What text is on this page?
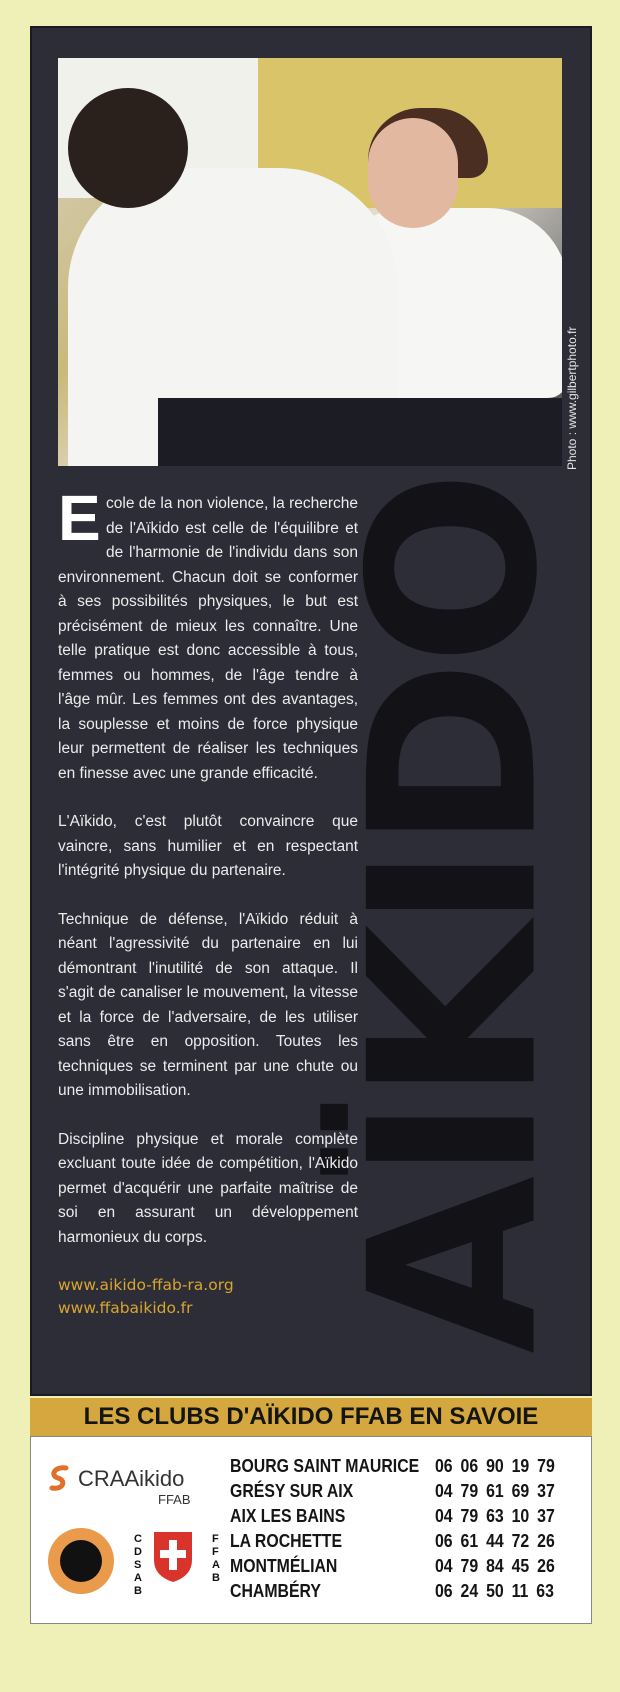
Photo : www.gilbertphoto.fr
AÏKIDO

E cole de la non violence, la recherche de l'Aïkido est celle de l'équilibre et de l'harmonie de l'individu dans son environnement. Chacun doit se conformer à ses possibilités physiques, le but est précisément de mieux les connaître. Une telle pratique est donc accessible à tous, femmes ou hommes, de l'âge tendre à l'âge mûr. Les femmes ont des avantages, la souplesse et moins de force physique leur permettent de réaliser les techniques en finesse avec une grande efficacité.

L'Aïkido, c'est plutôt convaincre que vaincre, sans humilier et en respectant l'intégrité physique du partenaire.

Technique de défense, l'Aïkido réduit à néant l'agressivité du partenaire en lui démontrant l'inutilité de son attaque. Il s'agit de canaliser le mouvement, la vitesse et la force de l'adversaire, de les utiliser sans être en opposition. Toutes les techniques se terminent par une chute ou une immobilisation.

Discipline physique et morale complète excluant toute idée de compétition, l'Aïkido permet d'acquérir une parfaite maîtrise de soi en assurant un développement harmonieux du corps.

www.aikido-ffab-ra.org
www.ffabaikido.fr
LES CLUBS D'AÏKIDO FFAB EN SAVOIE
CRAAikido
FFAB
C
D
S
A
B
F
F
A
B
BOURG SAINT MAURICE 06 06 90 19 79
GRÉSY SUR AIX	04 79 61 69 37
AIX LES BAINS	04 79 63 10 37
LA ROCHETTE	06 61 44 72 26
MONTMÉLIAN	04 79 84 45 26
CHAMBÉRY	06 24 50 11 63
